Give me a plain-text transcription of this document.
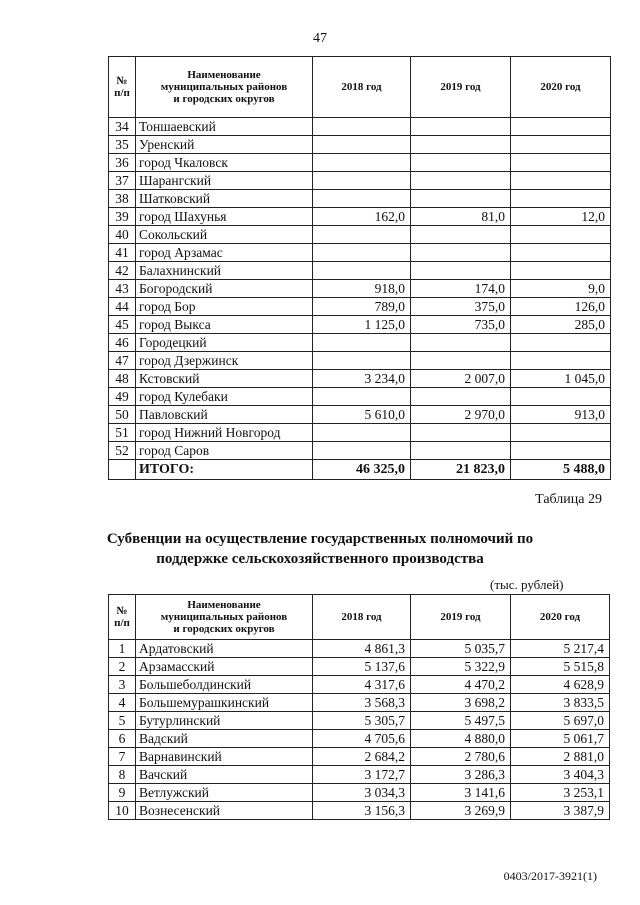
47
№
п/п	Наименование
муниципальных районов
и городских округов	2018 год	2019 год	2020 год
34	Тоншаевский			
35	Уренский			
36	город Чкаловск			
37	Шарангский			
38	Шатковский			
39	город Шахунья	162,0	81,0	12,0
40	Сокольский			
41	город Арзамас			
42	Балахнинский			
43	Богородский	918,0	174,0	9,0
44	город Бор	789,0	375,0	126,0
45	город Выкса	1 125,0	735,0	285,0
46	Городецкий			
47	город Дзержинск			
48	Кстовский	3 234,0	2 007,0	1 045,0
49	город Кулебаки			
50	Павловский	5 610,0	2 970,0	913,0
51	город Нижний Новгород			
52	город Саров			
	ИТОГО:	46 325,0	21 823,0	5 488,0
Таблица 29
Субвенции на осуществление государственных полномочий по
поддержке сельскохозяйственного производства
(тыс. рублей)
№
п/п	Наименование
муниципальных районов
и городских округов	2018 год	2019 год	2020 год
1	Ардатовский	4 861,3	5 035,7	5 217,4
2	Арзамасский	5 137,6	5 322,9	5 515,8
3	Большеболдинский	4 317,6	4 470,2	4 628,9
4	Большемурашкинский	3 568,3	3 698,2	3 833,5
5	Бутурлинский	5 305,7	5 497,5	5 697,0
6	Вадский	4 705,6	4 880,0	5 061,7
7	Варнавинский	2 684,2	2 780,6	2 881,0
8	Вачский	3 172,7	3 286,3	3 404,3
9	Ветлужский	3 034,3	3 141,6	3 253,1
10	Вознесенский	3 156,3	3 269,9	3 387,9
0403/2017-3921(1)
